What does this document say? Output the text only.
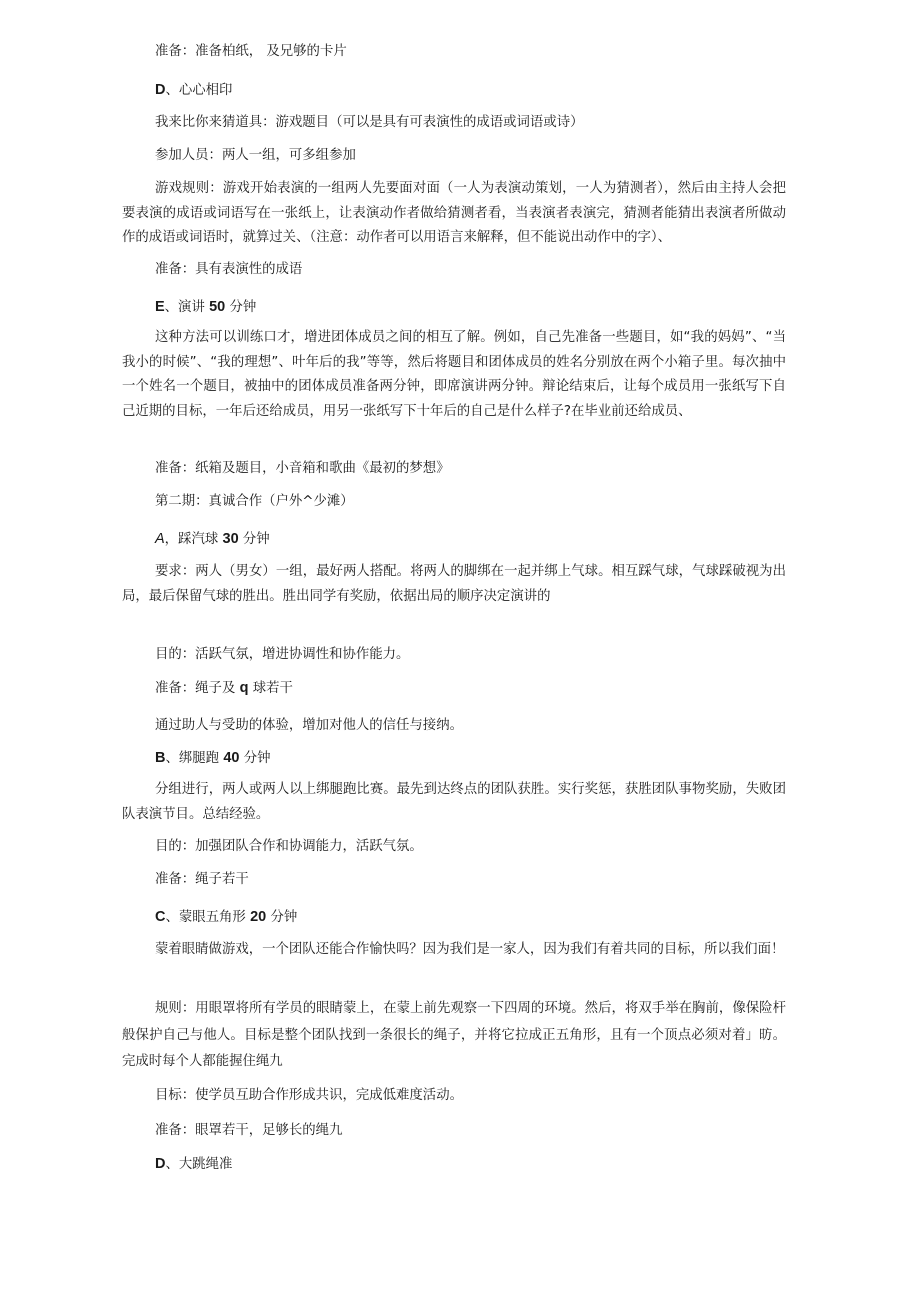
准备：准备柏纸， 及兄够的卡片

D、心心相印

我来比你来猜道具：游戏题目（可以是具有可表演性的成语或词语或诗）

参加人员：两人一组，可多组参加

游戏规则：游戏开始表演的一组两人先要面对面（一人为表演动策划，一人为猜测者），然后由主持人会把要表演的成语或词语写在一张纸上，让表演动作者做给猜测者看，当表演者表演完，猜测者能猜出表演者所做动作的成语或词语时，就算过关、（注意：动作者可以用语言来解释，但不能说出动作中的字）、

准备：具有表演性的成语

E、演讲 50 分钟

这种方法可以训练口才，增进团体成员之间的相互了解。例如，自己先准备一些题目，如“我的妈妈”、“当我小的时候”、“我的理想”、叶年后的我”等等，然后将题目和团体成员的姓名分别放在两个小箱子里。每次抽中一个姓名一个题目，被抽中的团体成员准备两分钟，即席演讲两分钟。辩论结束后，让每个成员用一张纸写下自己近期的目标，一年后还给成员，用另一张纸写下十年后的自己是什么样子?在毕业前还给成员、

准备：纸箱及题目，小音箱和歌曲《最初的梦想》

第二期：真诚合作（户外^少滩）

A，踩汽球 30 分钟

要求：两人（男女）一组，最好两人搭配。将两人的脚绑在一起并绑上气球。相互踩气球，气球踩破视为出局，最后保留气球的胜出。胜出同学有奖励，依据出局的顺序决定演讲的

目的：活跃气氛，增进协调性和协作能力。

准备：绳子及 q 球若干

通过助人与受助的体验，增加对他人的信任与接纳。

B、绑腿跑 40 分钟

分组进行，两人或两人以上绑腿跑比赛。最先到达终点的团队获胜。实行奖惩，获胜团队事物奖励，失败团队表演节目。总结经验。

目的：加强团队合作和协调能力，活跃气氛。

准备：绳子若干

C、蒙眼五角形 20 分钟

蒙着眼睛做游戏，一个团队还能合作愉快吗？因为我们是一家人，因为我们有着共同的目标，所以我们面！

规则：用眼罩将所有学员的眼睛蒙上，在蒙上前先观察一下四周的环境。然后，将双手举在胸前，像保险杆般保护自己与他人。目标是整个团队找到一条很长的绳子，并将它拉成正五角形，且有一个顶点必须对着」昉。完成时每个人都能握住绳九

目标：使学员互助合作形成共识，完成低难度活动。

准备：眼罩若干，足够长的绳九

D、大跳绳准
